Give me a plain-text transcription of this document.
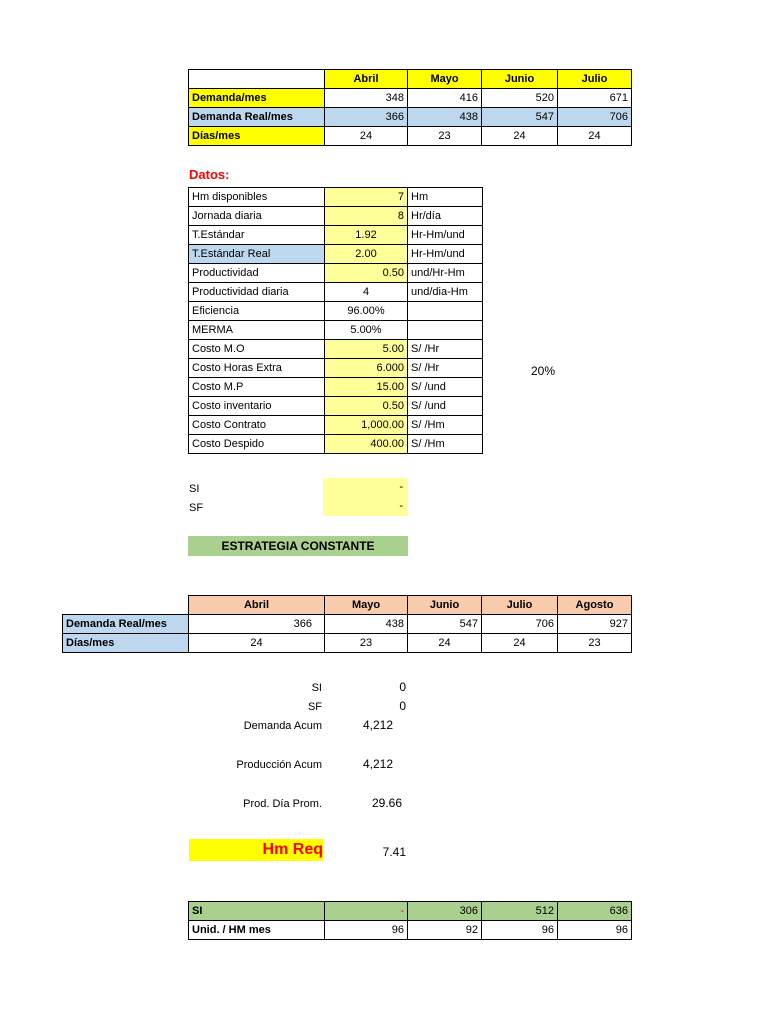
	Abril	Mayo	Junio	Julio
Demanda/mes	348	416	520	671
Demanda Real/mes	366	438	547	706
Días/mes	24	23	24	24
Datos:
Hm disponibles	7	Hm
Jornada diaria	8	Hr/día
T.Estándar	1.92	Hr-Hm/und
T.Estándar Real	2.00	Hr-Hm/und
Productividad	0.50	und/Hr-Hm
Productividad diaria	4	und/dia-Hm
Eficiencia	96.00%	
MERMA	5.00%	
Costo M.O	5.00	S/ /Hr
Costo Horas Extra	6.000	S/ /Hr
Costo M.P	15.00	S/ /und
Costo inventario	0.50	S/ /und
Costo Contrato	1,000.00	S/ /Hm
Costo Despido	400.00	S/ /Hm
20%
SI	-
SF	-
ESTRATEGIA CONSTANTE
	Abril	Mayo	Junio	Julio	Agosto
Demanda Real/mes	366	438	547	706	927
Días/mes	24	23	24	24	23
SI	0
SF	0
Demanda Acum	4,212
Producción Acum	4,212
Prod. Día Prom.	29.66
Hm Req	7.41
SI	-	306	512	636
Unid. / HM mes	96	92	96	96
